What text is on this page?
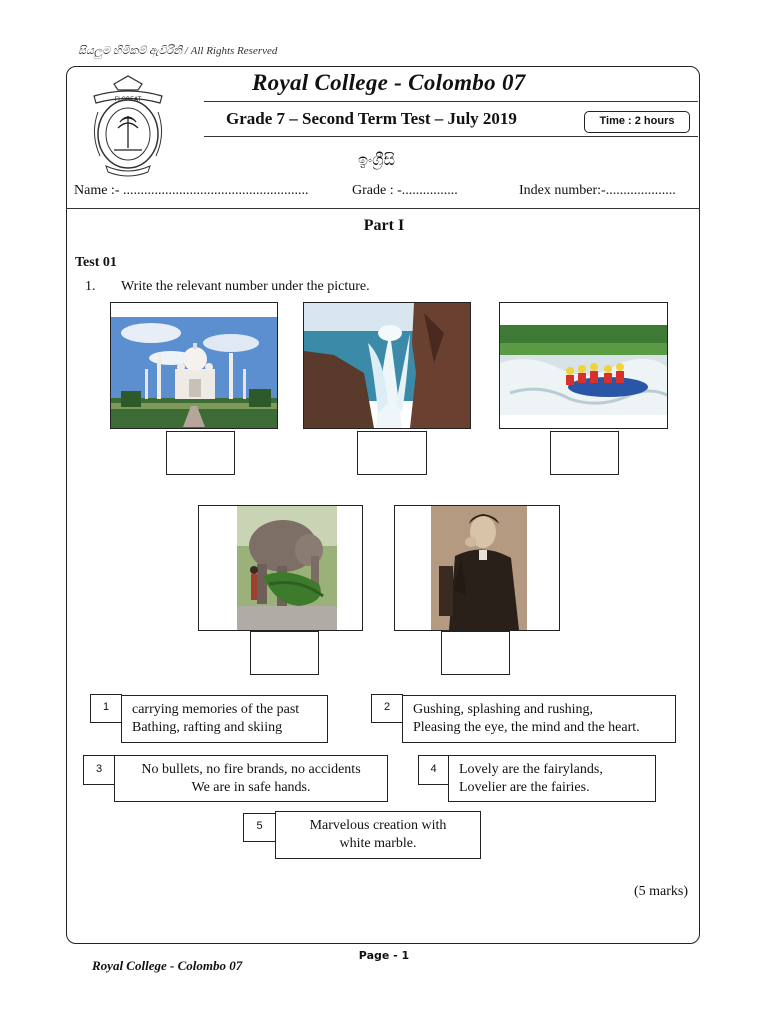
සියලුම හිමිකම් ඇවිරිනි / All Rights Reserved
FLOREAT
Royal College - Colombo 07
Grade 7 – Second Term Test – July 2019	Time : 2 hours
ඉංග්‍රීසි
Name :- .....................................................	Grade : -................	Index number:-....................
Part I
Test 01
1. Write the relevant number under the picture.
carrying memories of the past
Bathing, rafting and skiing
1	Gushing, splashing and rushing,
Pleasing the eye, the mind and the heart.
2
No bullets, no fire brands, no accidents
We are in safe hands.
3	Lovely are the fairylands,
Lovelier are the fairies.
4
Marvelous creation with
white marble.
5
(5 marks)
Page - 1
Royal College - Colombo 07
